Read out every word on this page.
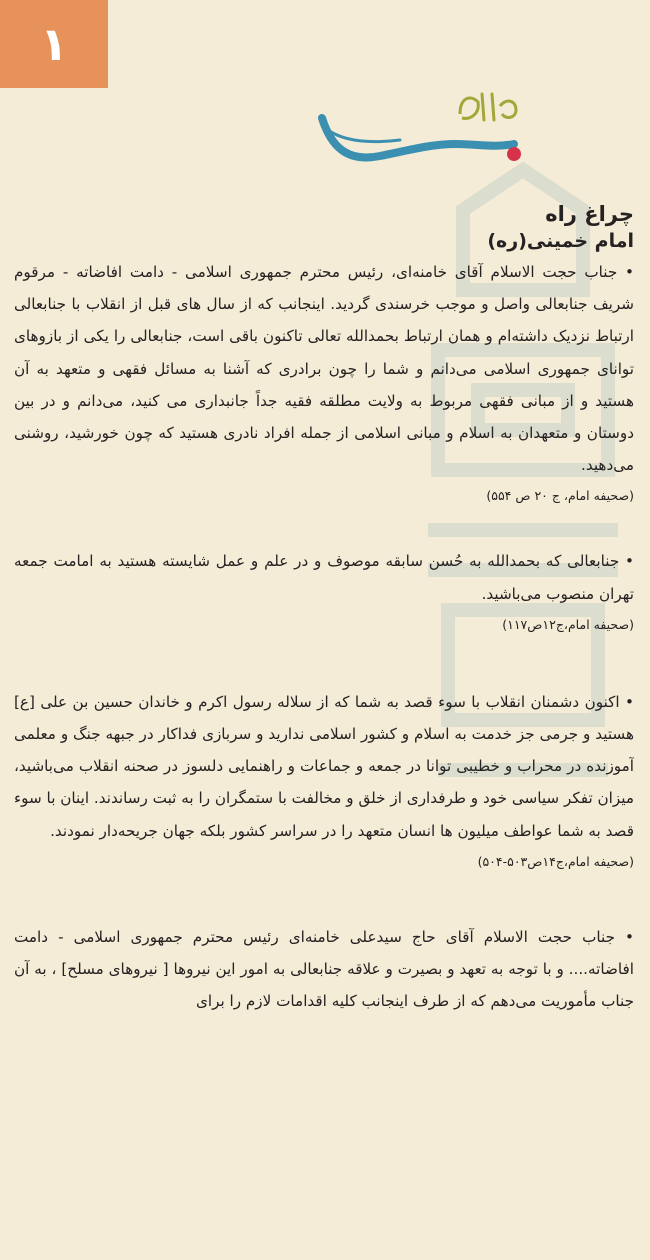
۱
چراغ راه
امام خمینی(ره)

• جناب حجت الاسلام آقای خامنه‌ای، رئیس محترم جمهوری اسلامی - دامت افاضاته - مرقوم شریف جنابعالی واصل و موجب خرسندی گردید. اینجانب که از سال های قبل از انقلاب با جنابعالی ارتباط نزدیک داشته‌ام و همان ارتباط بحمدالله تعالی تاکنون باقی است، جنابعالی را یکی از بازوهای توانای جمهوری اسلامی می‌دانم و شما را چون برادری که آشنا به مسائل فقهی و متعهد به آن هستید و از مبانی فقهی مربوط به ولایت مطلقه فقیه جداً جانبداری می کنید، می‌دانم و در بین دوستان و متعهدان به اسلام و مبانی اسلامی از جمله افراد نادری هستید که چون خورشید، روشنی می‌دهید.

(صحیفه امام، ج ۲۰ ص ۵۵۴)

• جنابعالی که بحمدالله به حُسن سابقه موصوف و در علم و عمل شایسته هستید به امامت جمعه تهران منصوب می‌باشید.

(صحیفه امام،ج۱۲ص۱۱۷)

• اکنون دشمنان انقلاب با سوء قصد به شما که از سلاله رسول اکرم و خاندان حسین بن علی [ع] هستید و جرمی جز خدمت به اسلام و کشور اسلامی ندارید و سربازی فداکار در جبهه جنگ و معلمی آموزنده در محراب و خطیبی توانا در جمعه و جماعات و راهنمایی دلسوز در صحنه انقلاب می‌باشید، میزان تفکر سیاسی خود و طرفداری از خلق و مخالفت با ستمگران را به ثبت رساندند. اینان با سوء قصد به شما عواطف میلیون ها انسان متعهد را در سراسر کشور بلکه جهان جریحه‌دار نمودند.

(صحیفه امام،ج۱۴ص۵۰۳-۵۰۴)

• جناب حجت الاسلام آقای حاج سیدعلی خامنه‌ای رئیس محترم جمهوری اسلامی - دامت افاضاته.... و با توجه به تعهد و بصیرت و علاقه جنابعالی به امور این نیروها [ نیروهای مسلح] ، به آن جناب مأموریت می‌دهم که از طرف اینجانب کلیه اقدامات لازم را برای
